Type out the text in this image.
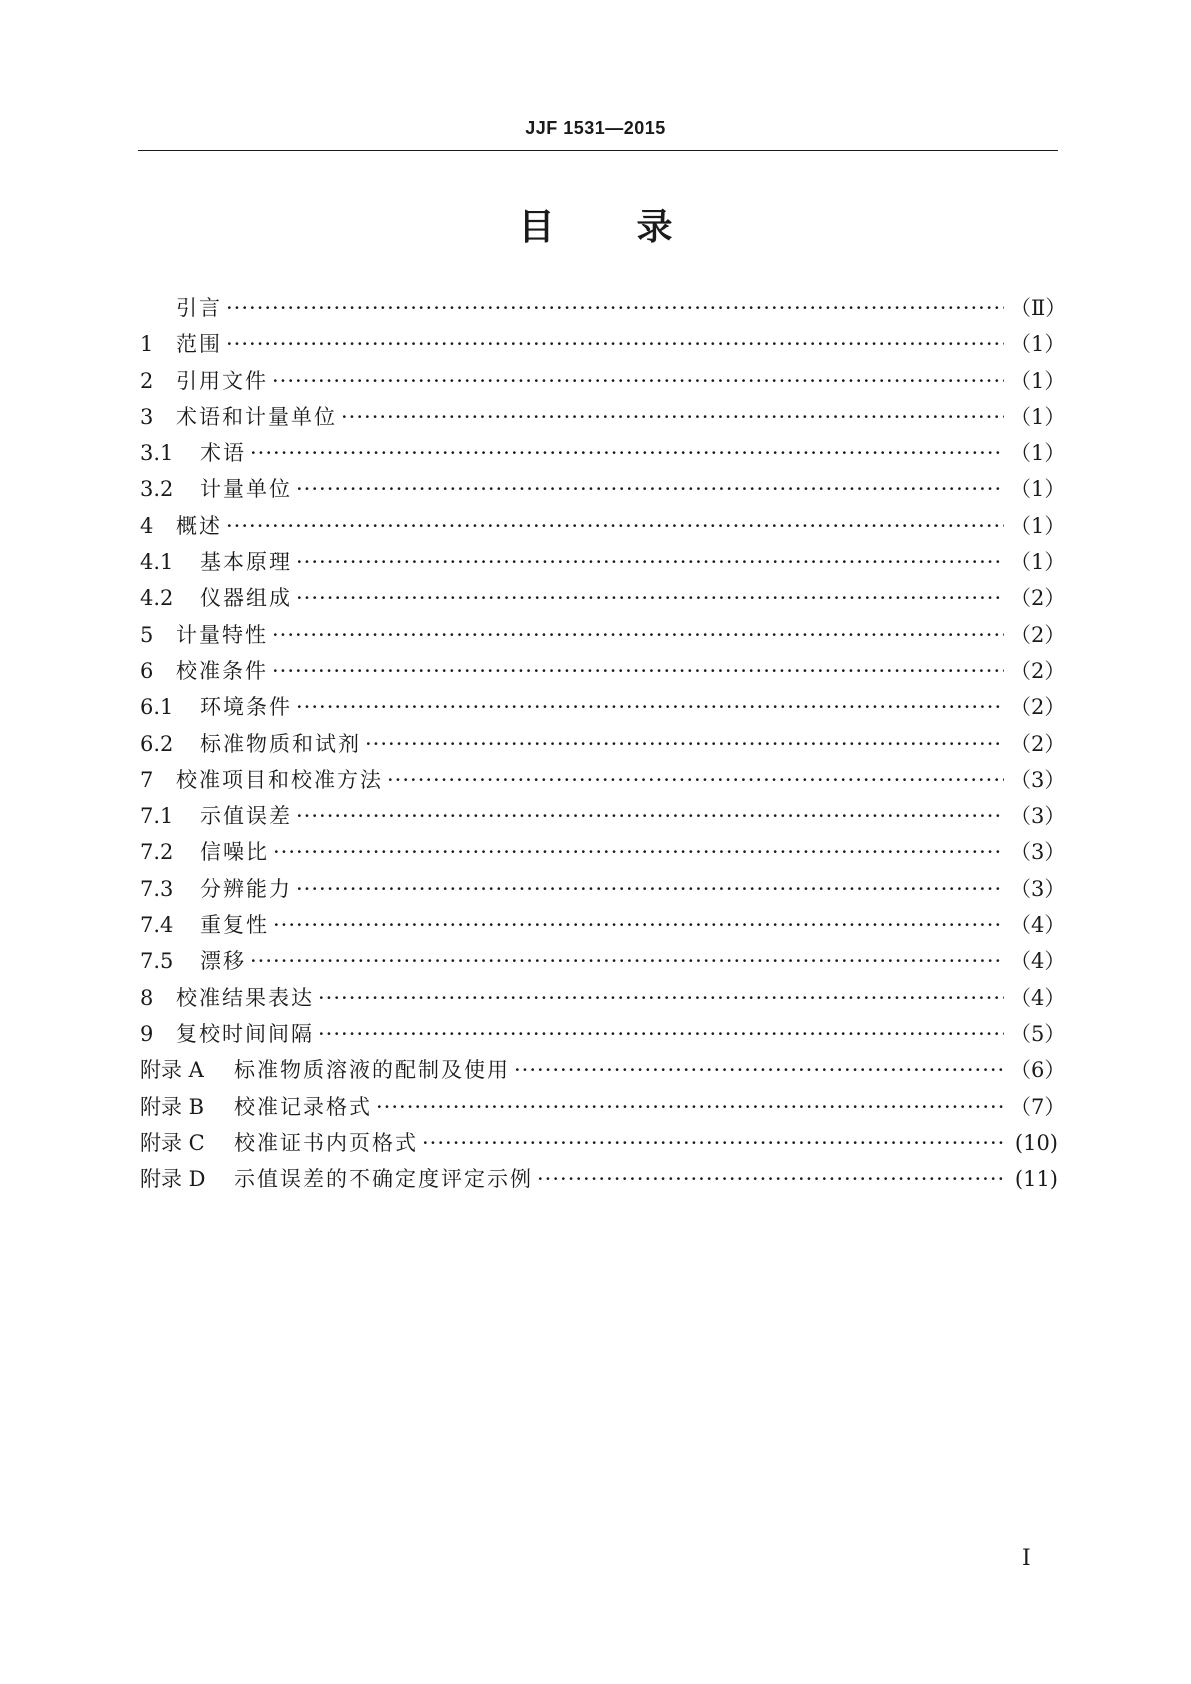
JJF 1531—2015
目 录
引言 ·····	（Ⅱ）
1	范围 ·····	（1）
2	引用文件 ·····	（1）
3	术语和计量单位 ·····	（1）
3.1	术语 ·····	（1）
3.2	计量单位 ·····	（1）
4	概述 ·····	（1）
4.1	基本原理 ·····	（1）
4.2	仪器组成 ·····	（2）
5	计量特性 ·····	（2）
6	校准条件 ·····	（2）
6.1	环境条件 ·····	（2）
6.2	标准物质和试剂 ·····	（2）
7	校准项目和校准方法 ·····	（3）
7.1	示值误差 ·····	（3）
7.2	信噪比 ·····	（3）
7.3	分辨能力 ·····	（3）
7.4	重复性 ·····	（4）
7.5	漂移 ·····	（4）
8	校准结果表达 ·····	（4）
9	复校时间间隔 ·····	（5）
附录 A	标准物质溶液的配制及使用 ·····	（6）
附录 B	校准记录格式 ·····	（7）
附录 C	校准证书内页格式 ·····	(10)
附录 D	示值误差的不确定度评定示例 ·····	(11)
Ⅰ
